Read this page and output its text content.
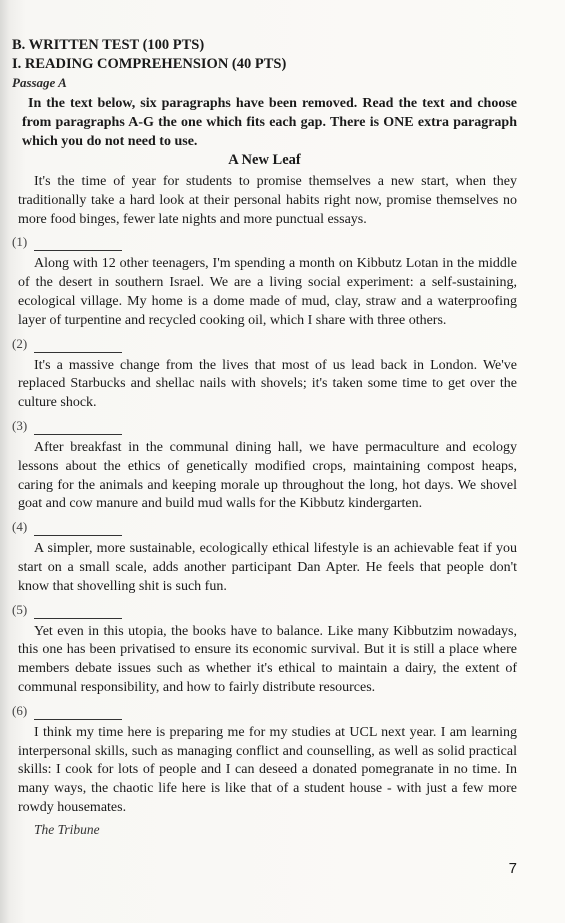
B. WRITTEN TEST (100 PTS)

I. READING COMPREHENSION (40 PTS)

Passage A

In the text below, six paragraphs have been removed. Read the text and choose from paragraphs A-G the one which fits each gap. There is ONE extra paragraph which you do not need to use.

A New Leaf

It's the time of year for students to promise themselves a new start, when they traditionally take a hard look at their personal habits right now, promise themselves no more food binges, fewer late nights and more punctual essays.

(1)

Along with 12 other teenagers, I'm spending a month on Kibbutz Lotan in the middle of the desert in southern Israel. We are a living social experiment: a self-sustaining, ecological village. My home is a dome made of mud, clay, straw and a waterproofing layer of turpentine and recycled cooking oil, which I share with three others.

(2)

It's a massive change from the lives that most of us lead back in London. We've replaced Starbucks and shellac nails with shovels; it's taken some time to get over the culture shock.

(3)

After breakfast in the communal dining hall, we have permaculture and ecology lessons about the ethics of genetically modified crops, maintaining compost heaps, caring for the animals and keeping morale up throughout the long, hot days. We shovel goat and cow manure and build mud walls for the Kibbutz kindergarten.

(4)

A simpler, more sustainable, ecologically ethical lifestyle is an achievable feat if you start on a small scale, adds another participant Dan Apter. He feels that people don't know that shovelling shit is such fun.

(5)

Yet even in this utopia, the books have to balance. Like many Kibbutzim nowadays, this one has been privatised to ensure its economic survival. But it is still a place where members debate issues such as whether it's ethical to maintain a dairy, the extent of communal responsibility, and how to fairly distribute resources.

(6)

I think my time here is preparing me for my studies at UCL next year. I am learning interpersonal skills, such as managing conflict and counselling, as well as solid practical skills: I cook for lots of people and I can deseed a donated pomegranate in no time. In many ways, the chaotic life here is like that of a student house - with just a few more rowdy housemates.

The Tribune

7
